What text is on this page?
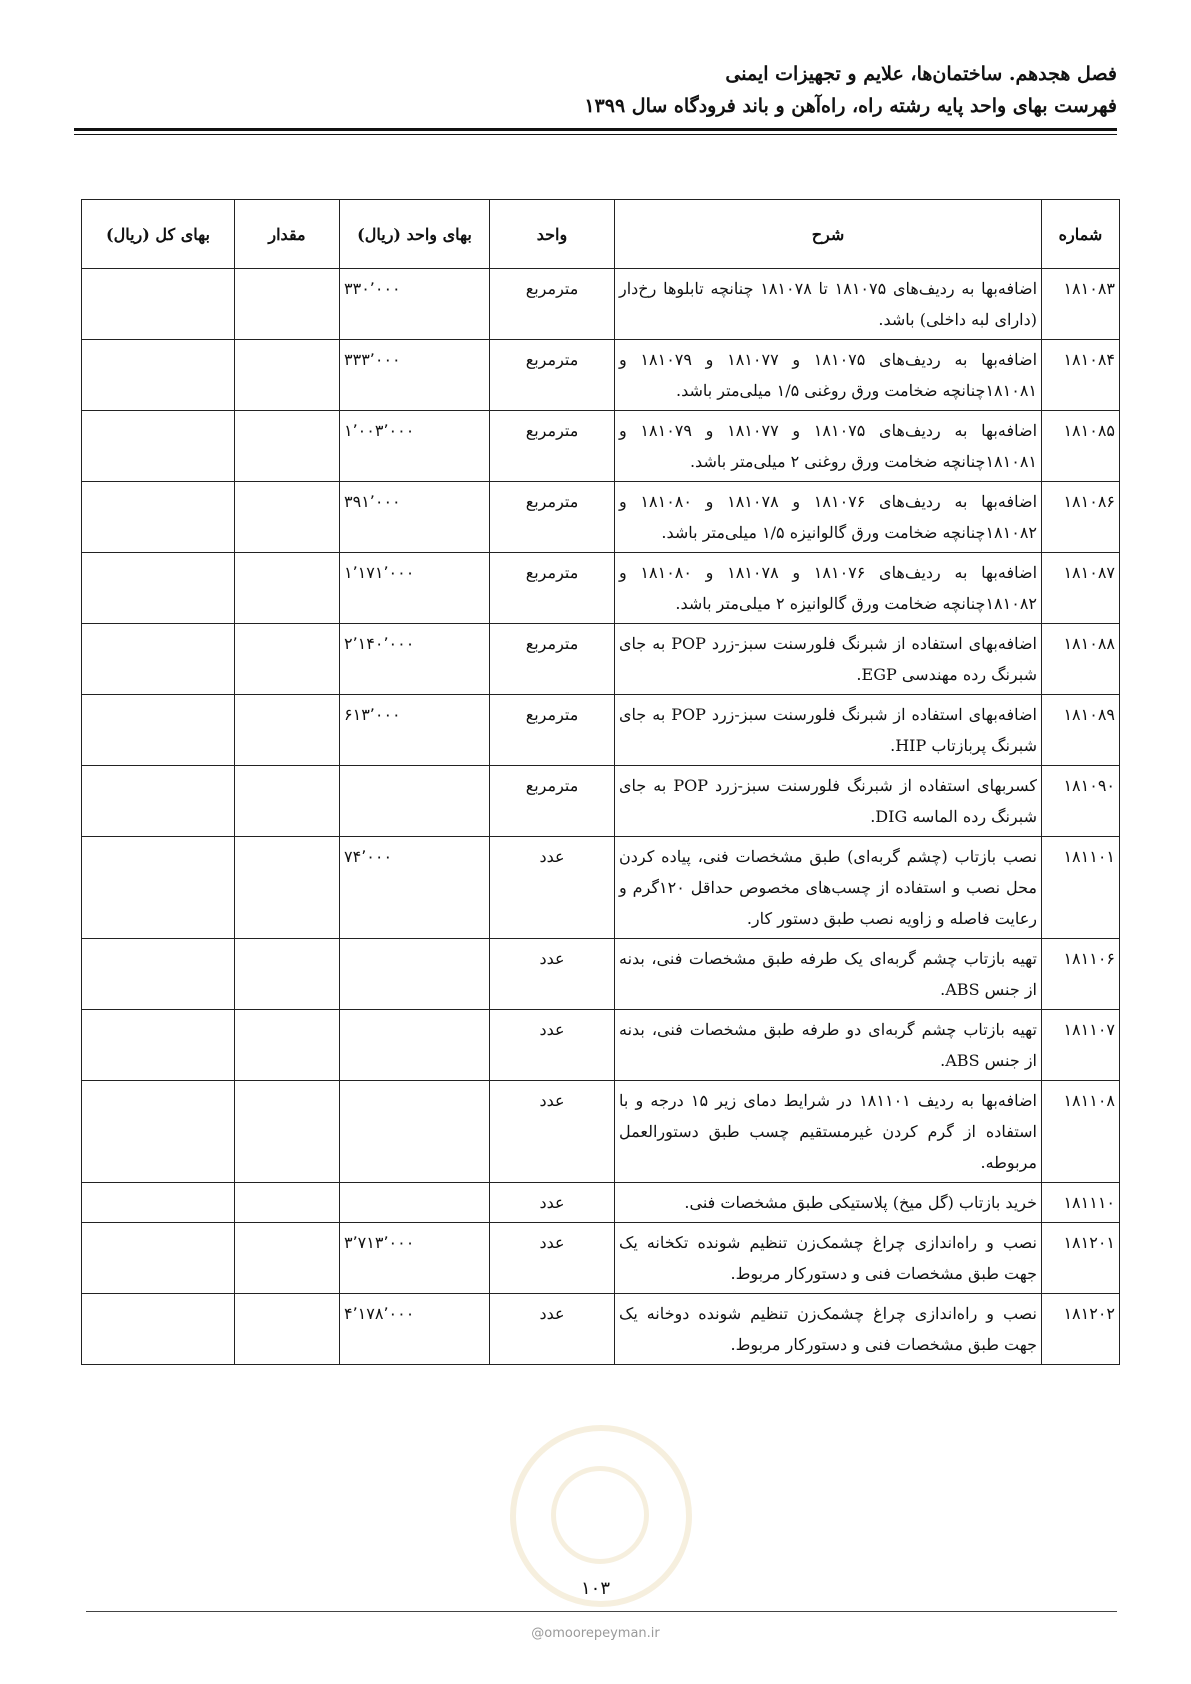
فصل هجدهم. ساختمان‌ها، علایم و تجهیزات ایمنی
فهرست بهای واحد پایه رشته راه، راه‌آهن و باند فرودگاه سال ۱۳۹۹
شماره	شرح	واحد	بهای واحد (ریال)	مقدار	بهای کل (ریال)
۱۸۱۰۸۳	اضافه‌بها به ردیف‌های ۱۸۱۰۷۵ تا ۱۸۱۰۷۸ چنانچه تابلوها رخ‌دار (دارای لبه داخلی) باشد.	مترمربع	۳۳۰٬۰۰۰		
۱۸۱۰۸۴	اضافه‌بها به ردیف‌های ۱۸۱۰۷۵ و ۱۸۱۰۷۷ و ۱۸۱۰۷۹ و ۱۸۱۰۸۱چنانچه ضخامت ورق روغنی ۱/۵ میلی‌متر باشد.	مترمربع	۳۳۳٬۰۰۰		
۱۸۱۰۸۵	اضافه‌بها به ردیف‌های ۱۸۱۰۷۵ و ۱۸۱۰۷۷ و ۱۸۱۰۷۹ و ۱۸۱۰۸۱چنانچه ضخامت ورق روغنی ۲ میلی‌متر باشد.	مترمربع	۱٬۰۰۳٬۰۰۰		
۱۸۱۰۸۶	اضافه‌بها به ردیف‌های ۱۸۱۰۷۶ و ۱۸۱۰۷۸ و ۱۸۱۰۸۰ و ۱۸۱۰۸۲چنانچه ضخامت ورق گالوانیزه ۱/۵ میلی‌متر باشد.	مترمربع	۳۹۱٬۰۰۰		
۱۸۱۰۸۷	اضافه‌بها به ردیف‌های ۱۸۱۰۷۶ و ۱۸۱۰۷۸ و ۱۸۱۰۸۰ و ۱۸۱۰۸۲چنانچه ضخامت ورق گالوانیزه ۲ میلی‌متر باشد.	مترمربع	۱٬۱۷۱٬۰۰۰		
۱۸۱۰۸۸	اضافه‌بهای استفاده از شبرنگ فلورسنت سبز-زرد POP به جای شبرنگ رده مهندسی EGP.	مترمربع	۲٬۱۴۰٬۰۰۰		
۱۸۱۰۸۹	اضافه‌بهای استفاده از شبرنگ فلورسنت سبز-زرد POP به جای شبرنگ پربازتاب HIP.	مترمربع	۶۱۳٬۰۰۰		
۱۸۱۰۹۰	کسربهای استفاده از شبرنگ فلورسنت سبز-زرد POP به جای شبرنگ رده الماسه DIG.	مترمربع			
۱۸۱۱۰۱	نصب بازتاب (چشم گربه‌ای) طبق مشخصات فنی، پیاده کردن محل نصب و استفاده از چسب‌های مخصوص حداقل ۱۲۰گرم و رعایت فاصله و زاویه نصب طبق دستور کار.	عدد	۷۴٬۰۰۰		
۱۸۱۱۰۶	تهیه بازتاب چشم گربه‌ای یک طرفه طبق مشخصات فنی، بدنه از جنس ABS.	عدد			
۱۸۱۱۰۷	تهیه بازتاب چشم گربه‌ای دو طرفه طبق مشخصات فنی، بدنه از جنس ABS.	عدد			
۱۸۱۱۰۸	اضافه‌بها به ردیف ۱۸۱۱۰۱ در شرایط دمای زیر ۱۵ درجه و با استفاده از گرم کردن غیرمستقیم چسب طبق دستورالعمل مربوطه.	عدد			
۱۸۱۱۱۰	خرید بازتاب (گل میخ) پلاستیکی طبق مشخصات فنی.	عدد			
۱۸۱۲۰۱	نصب و راه‌اندازی چراغ چشمک‌زن تنظیم شونده تکخانه یک جهت طبق مشخصات فنی و دستورکار مربوط.	عدد	۳٬۷۱۳٬۰۰۰		
۱۸۱۲۰۲	نصب و راه‌اندازی چراغ چشمک‌زن تنظیم شونده دوخانه یک جهت طبق مشخصات فنی و دستورکار مربوط.	عدد	۴٬۱۷۸٬۰۰۰		
۱۰۳
@omoorepeyman.ir
